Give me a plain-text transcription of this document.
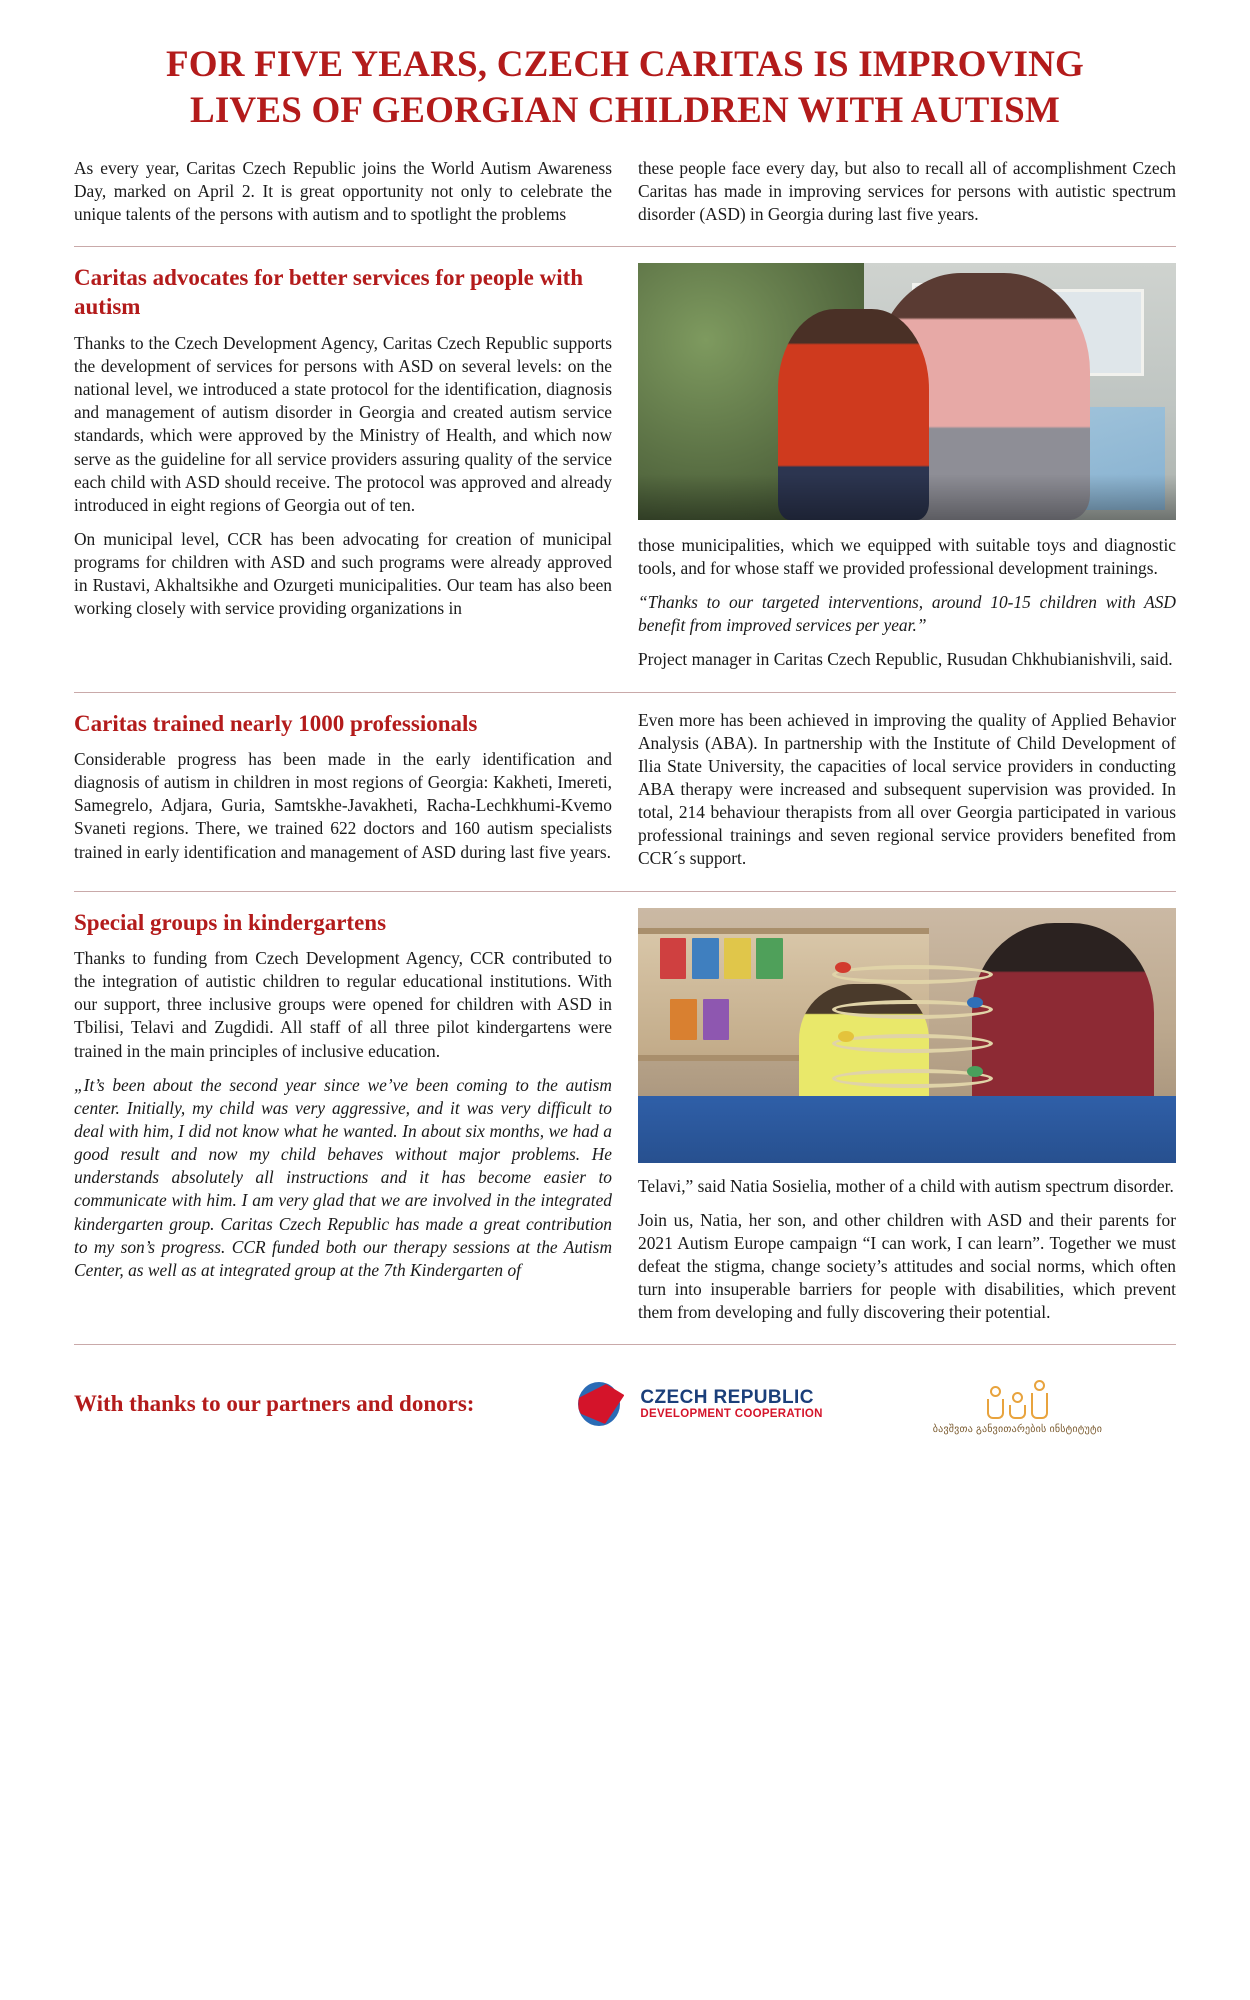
FOR FIVE YEARS, CZECH CARITAS IS IMPROVING
LIVES OF GEORGIAN CHILDREN WITH AUTISM

As every year, Caritas Czech Republic joins the World Autism Awareness Day, marked on April 2. It is great opportunity not only to celebrate the unique talents of the persons with autism and to spotlight the problems

these people face every day, but also to recall all of accomplishment Czech Caritas has made in improving services for persons with autistic spectrum disorder (ASD) in Georgia during last five years.

Caritas advocates for better services for people with autism

Thanks to the Czech Development Agency, Caritas Czech Republic supports the development of services for persons with ASD on several levels: on the national level, we introduced a state protocol for the identification, diagnosis and management of autism disorder in Georgia and created autism service standards, which were approved by the Ministry of Health, and which now serve as the guideline for all service providers assuring quality of the service each child with ASD should receive. The protocol was approved and already introduced in eight regions of Georgia out of ten.

On municipal level, CCR has been advocating for creation of municipal programs for children with ASD and such programs were already approved in Rustavi, Akhaltsikhe and Ozurgeti municipalities. Our team has also been working closely with service providing organizations in

those municipalities, which we equipped with suitable toys and diagnostic tools, and for whose staff we provided professional development trainings.

“Thanks to our targeted interventions, around 10-15 children with ASD benefit from improved services per year.”

Project manager in Caritas Czech Republic, Rusudan Chkhubianishvili, said.

Caritas trained nearly 1000 professionals

Considerable progress has been made in the early identification and diagnosis of autism in children in most regions of Georgia: Kakheti, Imereti, Samegrelo, Adjara, Guria, Samtskhe-Javakheti, Racha-Lechkhumi-Kvemo Svaneti regions. There, we trained 622 doctors and 160 autism specialists trained in early identification and management of ASD during last five years.

Even more has been achieved in improving the quality of Applied Behavior Analysis (ABA). In partnership with the Institute of Child Development of Ilia State University, the capacities of local service providers in conducting ABA therapy were increased and subsequent supervision was provided. In total, 214 behaviour therapists from all over Georgia participated in various professional trainings and seven regional service providers benefited from CCR´s support.

Special groups in kindergartens

Thanks to funding from Czech Development Agency, CCR contributed to the integration of autistic children to regular educational institutions. With our support, three inclusive groups were opened for children with ASD in Tbilisi, Telavi and Zugdidi. All staff of all three pilot kindergartens were trained in the main principles of inclusive education.

„It’s been about the second year since we’ve been coming to the autism center. Initially, my child was very aggressive, and it was very difficult to deal with him, I did not know what he wanted. In about six months, we had a good result and now my child behaves without major problems. He understands absolutely all instructions and it has become easier to communicate with him. I am very glad that we are involved in the integrated kindergarten group. Caritas Czech Republic has made a great contribution to my son’s progress. CCR funded both our therapy sessions at the Autism Center, as well as at integrated group at the 7th Kindergarten of

Telavi,” said Natia Sosielia, mother of a child with autism spectrum disorder.

Join us, Natia, her son, and other children with ASD and their parents for 2021 Autism Europe campaign “I can work, I can learn”. Together we must defeat the stigma, change society’s attitudes and social norms, which often turn into insuperable barriers for people with disabilities, which prevent them from developing and fully discovering their potential.

With thanks to our partners and donors:	CZECH REPUBLIC
DEVELOPMENT COOPERATION
ბავშვთა განვითარების ინსტიტუტი
